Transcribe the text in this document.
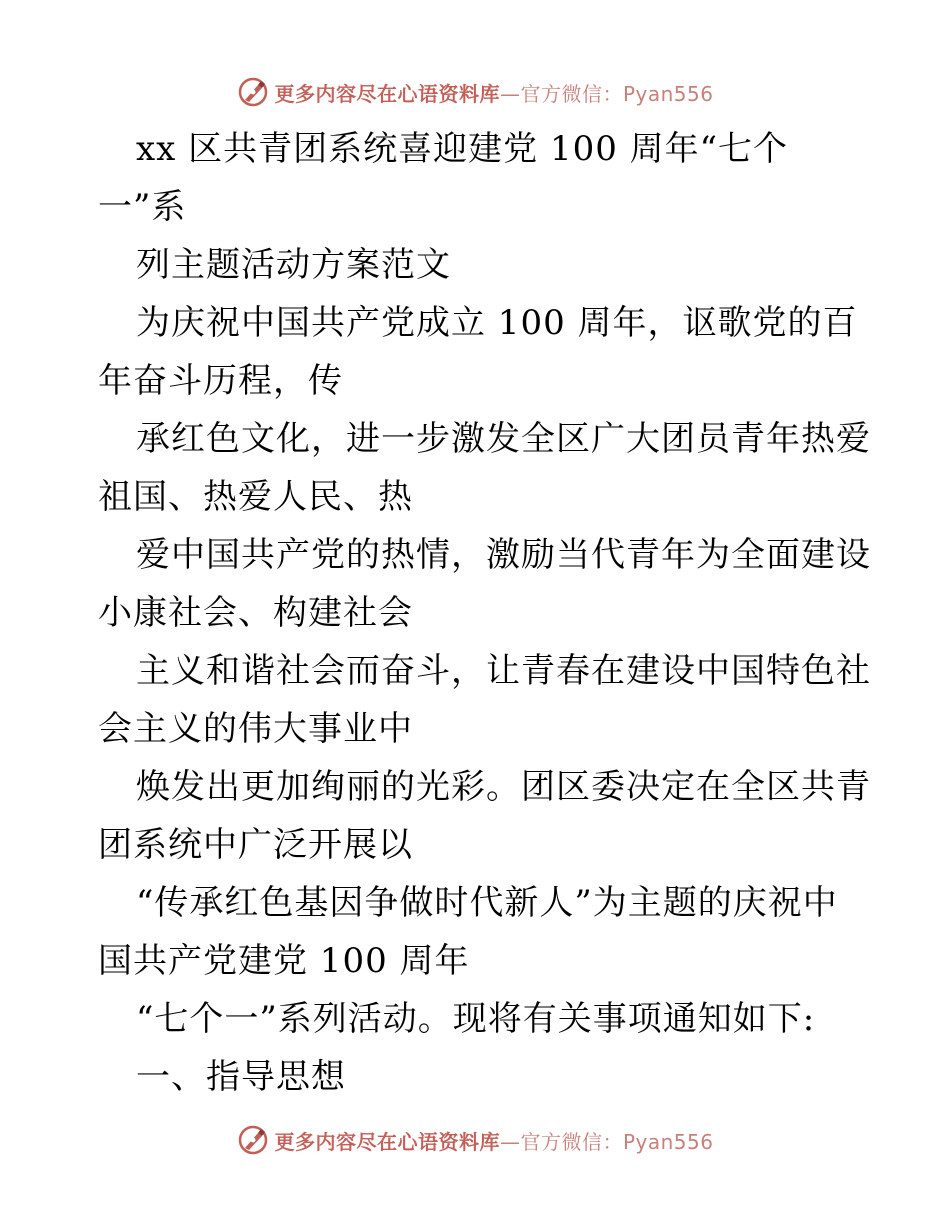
更多内容尽在心语资料库—官方微信：Pyan556
xx 区共青团系统喜迎建党 100 周年“七个
一”系
列主题活动方案范文
为庆祝中国共产党成立 100 周年，讴歌党的百
年奋斗历程，传
承红色文化，进一步激发全区广大团员青年热爱
祖国、热爱人民、热
爱中国共产党的热情，激励当代青年为全面建设
小康社会、构建社会
主义和谐社会而奋斗，让青春在建设中国特色社
会主义的伟大事业中
焕发出更加绚丽的光彩。团区委决定在全区共青
团系统中广泛开展以
“传承红色基因争做时代新人”为主题的庆祝中
国共产党建党 100 周年
“七个一”系列活动。现将有关事项通知如下:
一、指导思想
更多内容尽在心语资料库—官方微信：Pyan556
